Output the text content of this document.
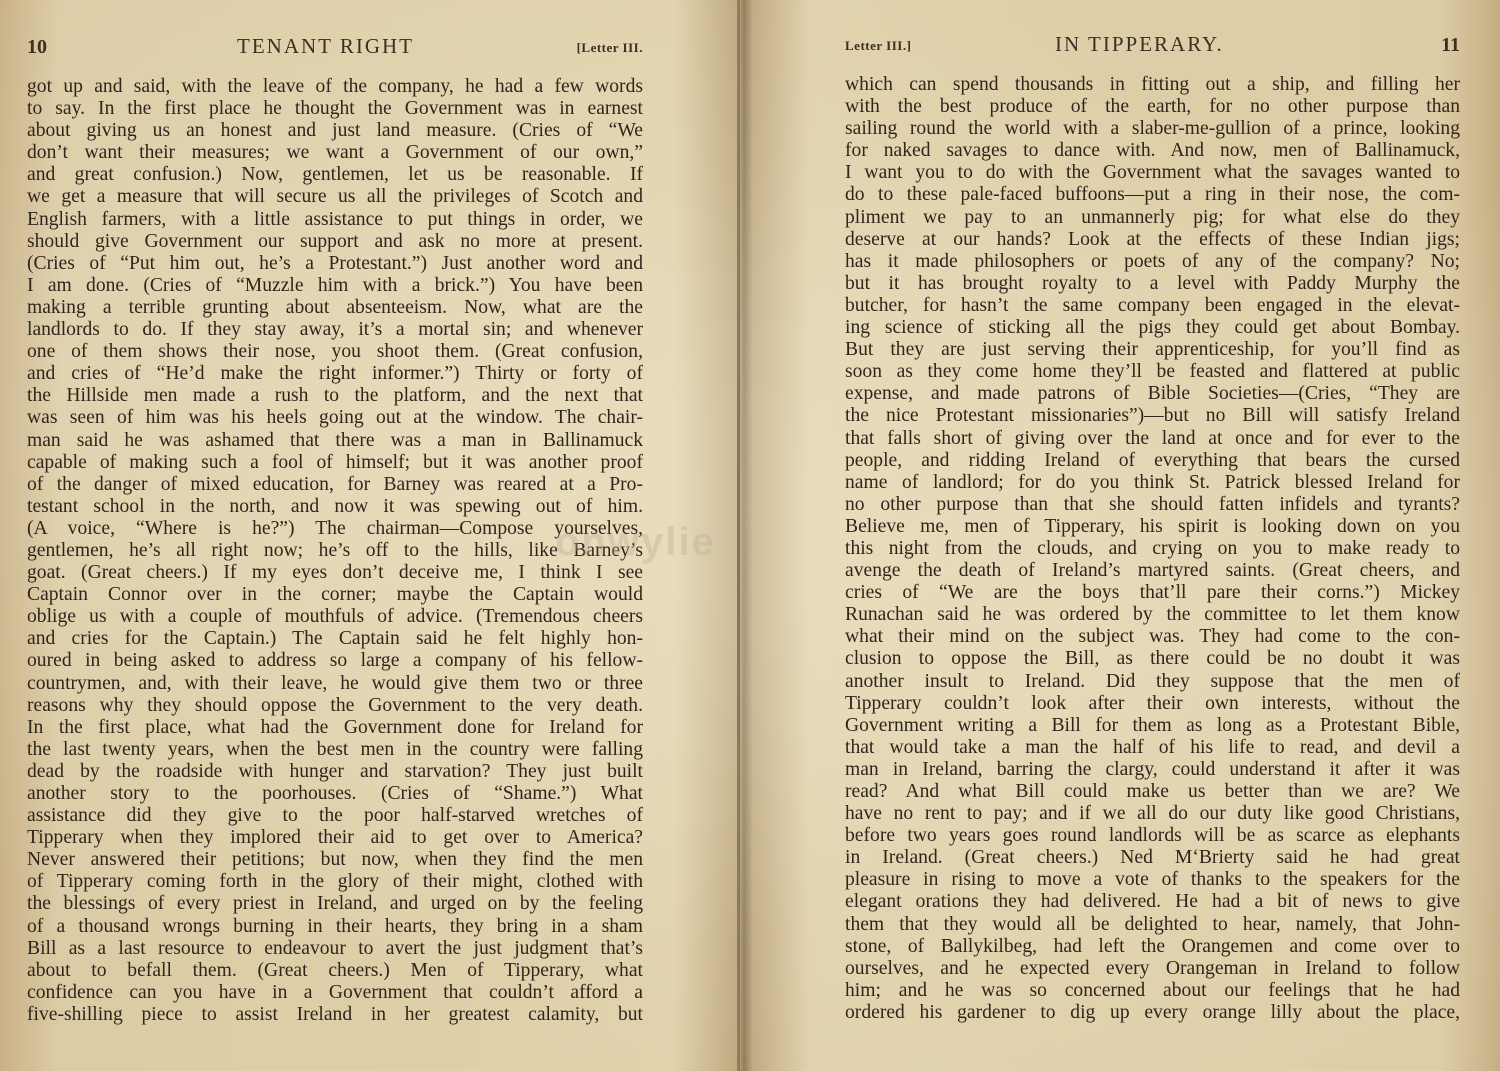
10	TENANT RIGHT	[Letter III.
got up and said, with the leave of the company, he had a few words
to say. In the first place he thought the Government was in earnest
about giving us an honest and just land measure. (Cries of “We
don’t want their measures; we want a Government of our own,”
and great confusion.) Now, gentlemen, let us be reasonable. If
we get a measure that will secure us all the privileges of Scotch and
English farmers, with a little assistance to put things in order, we
should give Government our support and ask no more at present.
(Cries of “Put him out, he’s a Protestant.”) Just another word and
I am done. (Cries of “Muzzle him with a brick.”) You have been
making a terrible grunting about absenteeism. Now, what are the
landlords to do. If they stay away, it’s a mortal sin; and whenever
one of them shows their nose, you shoot them. (Great confusion,
and cries of “He’d make the right informer.”) Thirty or forty of
the Hillside men made a rush to the platform, and the next that
was seen of him was his heels going out at the window. The chair-
man said he was ashamed that there was a man in Ballinamuck
capable of making such a fool of himself; but it was another proof
of the danger of mixed education, for Barney was reared at a Pro-
testant school in the north, and now it was spewing out of him.
(A voice, “Where is he?”) The chairman—Compose yourselves,
gentlemen, he’s all right now; he’s off to the hills, like Barney’s
goat. (Great cheers.) If my eyes don’t deceive me, I think I see
Captain Connor over in the corner; maybe the Captain would
oblige us with a couple of mouthfuls of advice. (Tremendous cheers
and cries for the Captain.) The Captain said he felt highly hon-
oured in being asked to address so large a company of his fellow-
countrymen, and, with their leave, he would give them two or three
reasons why they should oppose the Government to the very death.
In the first place, what had the Government done for Ireland for
the last twenty years, when the best men in the country were falling
dead by the roadside with hunger and starvation? They just built
another story to the poorhouses. (Cries of “Shame.”) What
assistance did they give to the poor half-starved wretches of
Tipperary when they implored their aid to get over to America?
Never answered their petitions; but now, when they find the men
of Tipperary coming forth in the glory of their might, clothed with
the blessings of every priest in Ireland, and urged on by the feeling
of a thousand wrongs burning in their hearts, they bring in a sham
Bill as a last resource to endeavour to avert the just judgment that’s
about to befall them. (Great cheers.) Men of Tipperary, what
confidence can you have in a Government that couldn’t afford a
five-shilling piece to assist Ireland in her greatest calamity, but
Letter III.]	IN TIPPERARY.	11
which can spend thousands in fitting out a ship, and filling her
with the best produce of the earth, for no other purpose than
sailing round the world with a slaber-me-gullion of a prince, looking
for naked savages to dance with. And now, men of Ballinamuck,
I want you to do with the Government what the savages wanted to
do to these pale-faced buffoons—put a ring in their nose, the com-
pliment we pay to an unmannerly pig; for what else do they
deserve at our hands? Look at the effects of these Indian jigs;
has it made philosophers or poets of any of the company? No;
but it has brought royalty to a level with Paddy Murphy the
butcher, for hasn’t the same company been engaged in the elevat-
ing science of sticking all the pigs they could get about Bombay.
But they are just serving their apprenticeship, for you’ll find as
soon as they come home they’ll be feasted and flattered at public
expense, and made patrons of Bible Societies—(Cries, “They are
the nice Protestant missionaries”)—but no Bill will satisfy Ireland
that falls short of giving over the land at once and for ever to the
people, and ridding Ireland of everything that bears the cursed
name of landlord; for do you think St. Patrick blessed Ireland for
no other purpose than that she should fatten infidels and tyrants?
Believe me, men of Tipperary, his spirit is looking down on you
this night from the clouds, and crying on you to make ready to
avenge the death of Ireland’s martyred saints. (Great cheers, and
cries of “We are the boys that’ll pare their corns.”) Mickey
Runachan said he was ordered by the committee to let them know
what their mind on the subject was. They had come to the con-
clusion to oppose the Bill, as there could be no doubt it was
another insult to Ireland. Did they suppose that the men of
Tipperary couldn’t look after their own interests, without the
Government writing a Bill for them as long as a Protestant Bible,
that would take a man the half of his life to read, and devil a
man in Ireland, barring the clargy, could understand it after it was
read? And what Bill could make us better than we are? We
have no rent to pay; and if we all do our duty like good Christians,
before two years goes round landlords will be as scarce as elephants
in Ireland. (Great cheers.) Ned M‘Brierty said he had great
pleasure in rising to move a vote of thanks to the speakers for the
elegant orations they had delivered. He had a bit of news to give
them that they would all be delighted to hear, namely, that John-
stone, of Ballykilbeg, had left the Orangemen and come over to
ourselves, and he expected every Orangeman in Ireland to follow
him; and he was so concerned about our feelings that he had
ordered his gardener to dig up every orange lilly about the place,
onwylie
